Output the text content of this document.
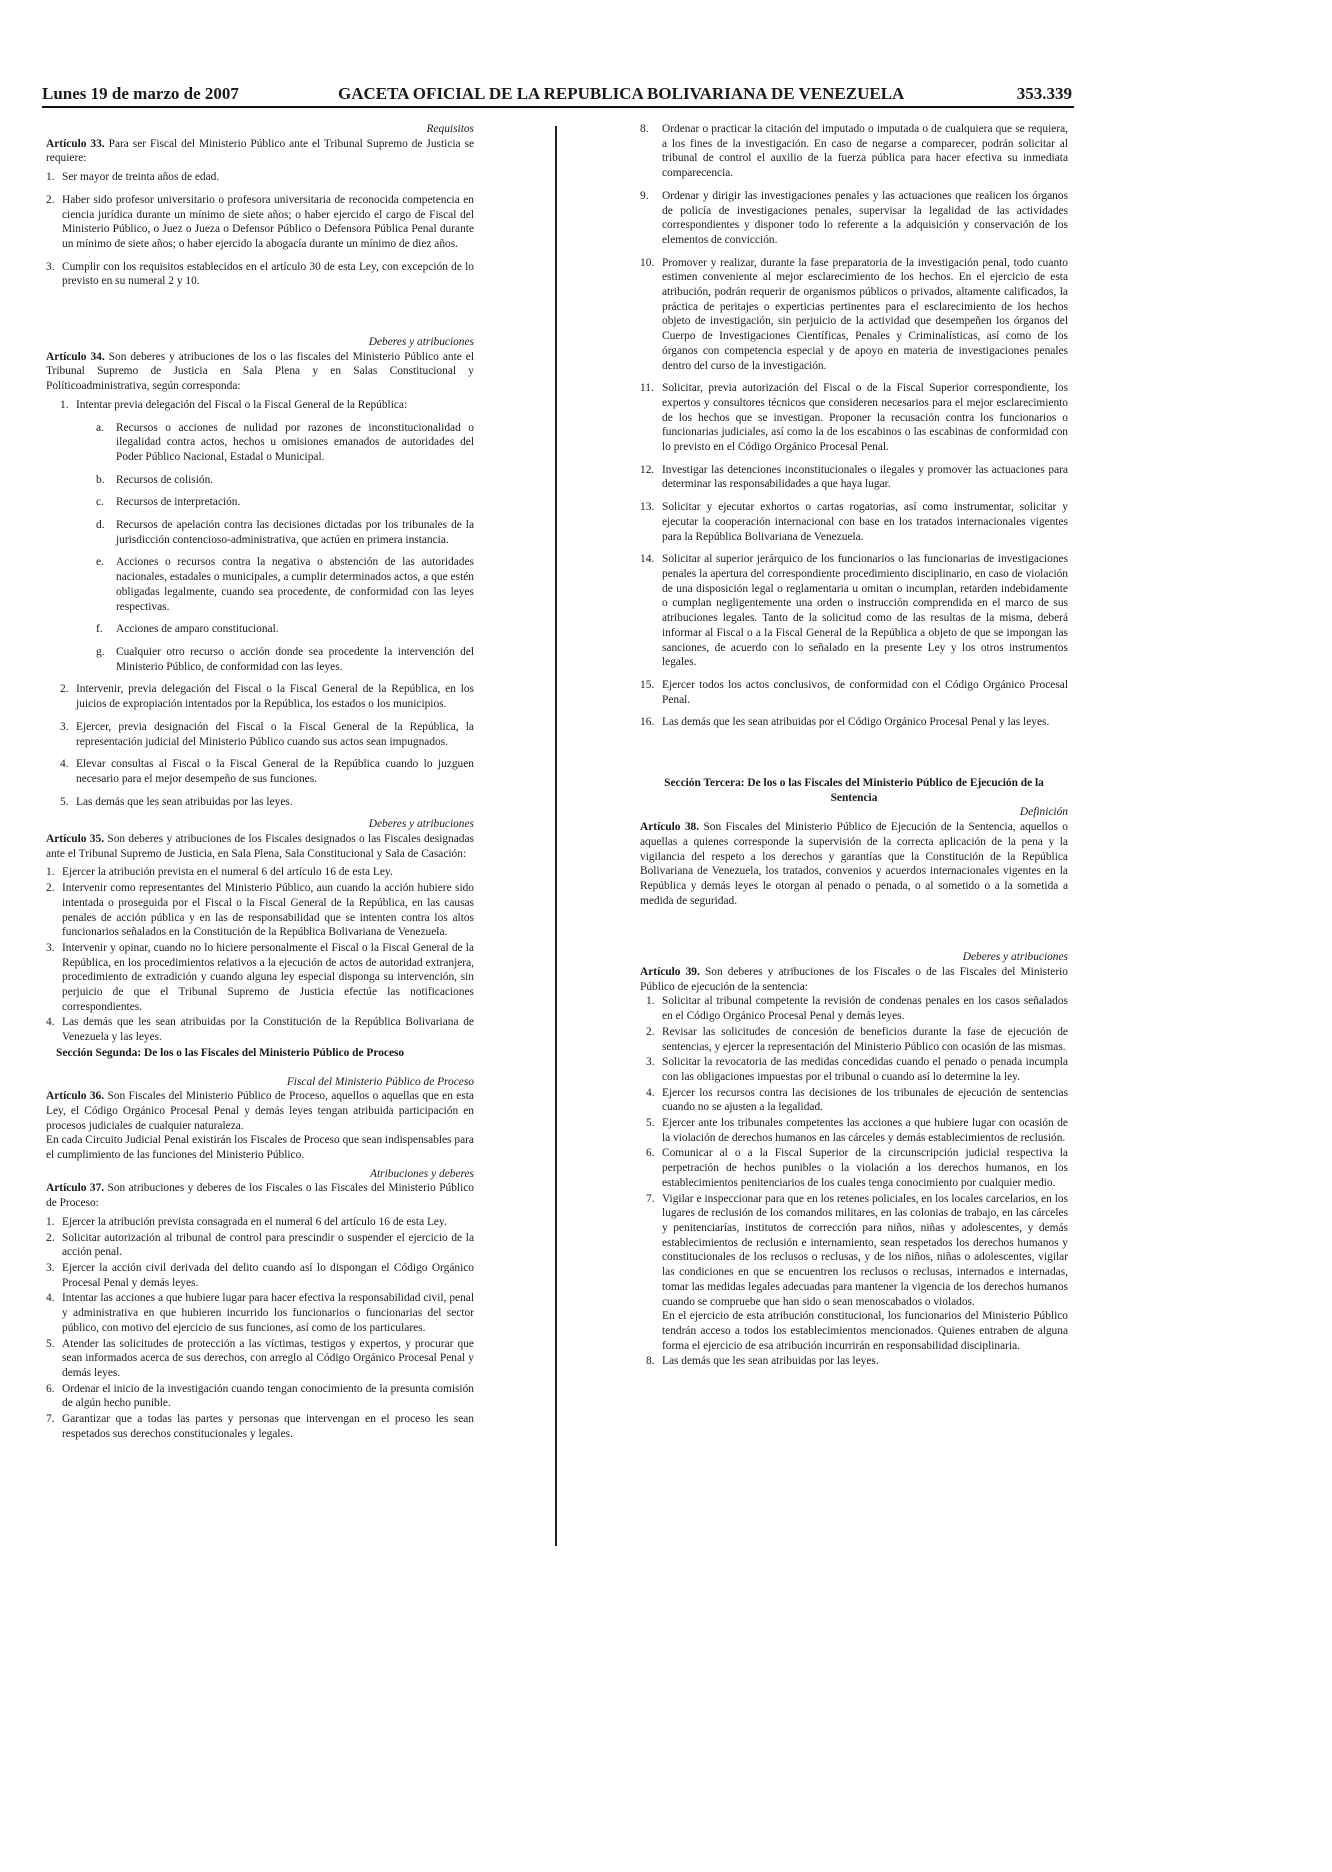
Lunes 19 de marzo de 2007	GACETA OFICIAL DE LA REPUBLICA BOLIVARIANA DE VENEZUELA	353.339

Requisitos

Artículo 33. Para ser Fiscal del Ministerio Público ante el Tribunal Supremo de Justicia se requiere:

1. Ser mayor de treinta años de edad.
2. Haber sido profesor universitario o profesora universitaria de reconocida competencia en ciencia jurídica durante un mínimo de siete años; o haber ejercido el cargo de Fiscal del Ministerio Público, o Juez o Jueza o Defensor Público o Defensora Pública Penal durante un mínimo de siete años; o haber ejercido la abogacía durante un mínimo de diez años.
3. Cumplir con los requisitos establecidos en el artículo 30 de esta Ley, con excepción de lo previsto en su numeral 2 y 10.

Deberes y atribuciones

Artículo 34. Son deberes y atribuciones de los o las fiscales del Ministerio Público ante el Tribunal Supremo de Justicia en Sala Plena y en Salas Constitucional y Políticoadministrativa, según corresponda:

1. Intentar previa delegación del Fiscal o la Fiscal General de la República:
a.	Recursos o acciones de nulidad por razones de inconstitucionalidad o ilegalidad contra actos, hechos u omisiones emanados de autoridades del Poder Público Nacional, Estadal o Municipal.
b.	Recursos de colisión.
c.	Recursos de interpretación.
d.	Recursos de apelación contra las decisiones dictadas por los tribunales de la jurisdicción contencioso-administrativa, que actúen en primera instancia.
e.	Acciones o recursos contra la negativa o abstención de las autoridades nacionales, estadales o municipales, a cumplir determinados actos, a que estén obligadas legalmente, cuando sea procedente, de conformidad con las leyes respectivas.
f.	Acciones de amparo constitucional.
g.	Cualquier otro recurso o acción donde sea procedente la intervención del Ministerio Público, de conformidad con las leyes.
2. Intervenir, previa delegación del Fiscal o la Fiscal General de la República, en los juicios de expropiación intentados por la República, los estados o los municipios.
3. Ejercer, previa designación del Fiscal o la Fiscal General de la República, la representación judicial del Ministerio Público cuando sus actos sean impugnados.
4. Elevar consultas al Fiscal o la Fiscal General de la República cuando lo juzguen necesario para el mejor desempeño de sus funciones.
5. Las demás que les sean atribuidas por las leyes.

Deberes y atribuciones

Artículo 35. Son deberes y atribuciones de los Fiscales designados o las Fiscales designadas ante el Tribunal Supremo de Justicia, en Sala Plena, Sala Constitucional y Sala de Casación:

1. Ejercer la atribución prevista en el numeral 6 del artículo 16 de esta Ley.
2. Intervenir como representantes del Ministerio Público, aun cuando la acción hubiere sido intentada o proseguida por el Fiscal o la Fiscal General de la República, en las causas penales de acción pública y en las de responsabilidad que se intenten contra los altos funcionarios señalados en la Constitución de la República Bolivariana de Venezuela.
3. Intervenir y opinar, cuando no lo hiciere personalmente el Fiscal o la Fiscal General de la República, en los procedimientos relativos a la ejecución de actos de autoridad extranjera, procedimiento de extradición y cuando alguna ley especial disponga su intervención, sin perjuicio de que el Tribunal Supremo de Justicia efectúe las notificaciones correspondientes.
4. Las demás que les sean atribuidas por la Constitución de la República Bolivariana de Venezuela y las leyes.

Sección Segunda: De los o las Fiscales del Ministerio Público de Proceso

Fiscal del Ministerio Público de Proceso

Artículo 36. Son Fiscales del Ministerio Público de Proceso, aquellos o aquellas que en esta Ley, el Código Orgánico Procesal Penal y demás leyes tengan atribuida participación en procesos judiciales de cualquier naturaleza.

En cada Circuito Judicial Penal existirán los Fiscales de Proceso que sean indispensables para el cumplimiento de las funciones del Ministerio Público.

Atribuciones y deberes

Artículo 37. Son atribuciones y deberes de los Fiscales o las Fiscales del Ministerio Público de Proceso:

1. Ejercer la atribución prevista consagrada en el numeral 6 del artículo 16 de esta Ley.
2. Solicitar autorización al tribunal de control para prescindir o suspender el ejercicio de la acción penal.
3. Ejercer la acción civil derivada del delito cuando así lo dispongan el Código Orgánico Procesal Penal y demás leyes.
4. Intentar las acciones a que hubiere lugar para hacer efectiva la responsabilidad civil, penal y administrativa en que hubieren incurrido los funcionarios o funcionarias del sector público, con motivo del ejercicio de sus funciones, así como de los particulares.
5. Atender las solicitudes de protección a las víctimas, testigos y expertos, y procurar que sean informados acerca de sus derechos, con arreglo al Código Orgánico Procesal Penal y demás leyes.
6. Ordenar el inicio de la investigación cuando tengan conocimiento de la presunta comisión de algún hecho punible.
7. Garantizar que a todas las partes y personas que intervengan en el proceso les sean respetados sus derechos constitucionales y legales.
8.	Ordenar o practicar la citación del imputado o imputada o de cualquiera que se requiera, a los fines de la investigación. En caso de negarse a comparecer, podrán solicitar al tribunal de control el auxilio de la fuerza pública para hacer efectiva su inmediata comparecencia.
9.	Ordenar y dirigir las investigaciones penales y las actuaciones que realicen los órganos de policía de investigaciones penales, supervisar la legalidad de las actividades correspondientes y disponer todo lo referente a la adquisición y conservación de los elementos de convicción.
10. Promover y realizar, durante la fase preparatoria de la investigación penal, todo cuanto estimen conveniente al mejor esclarecimiento de los hechos. En el ejercicio de esta atribución, podrán requerir de organismos públicos o privados, altamente calificados, la práctica de peritajes o experticias pertinentes para el esclarecimiento de los hechos objeto de investigación, sin perjuicio de la actividad que desempeñen los órganos del Cuerpo de Investigaciones Científicas, Penales y Criminalísticas, así como de los órganos con competencia especial y de apoyo en materia de investigaciones penales dentro del curso de la investigación.
11. Solicitar, previa autorización del Fiscal o de la Fiscal Superior correspondiente, los expertos y consultores técnicos que consideren necesarios para el mejor esclarecimiento de los hechos que se investigan. Proponer la recusación contra los funcionarios o funcionarias judiciales, así como la de los escabinos o las escabinas de conformidad con lo previsto en el Código Orgánico Procesal Penal.
12. Investigar las detenciones inconstitucionales o ilegales y promover las actuaciones para determinar las responsabilidades a que haya lugar.
13. Solicitar y ejecutar exhortos o cartas rogatorias, así como instrumentar, solicitar y ejecutar la cooperación internacional con base en los tratados internacionales vigentes para la República Bolivariana de Venezuela.
14. Solicitar al superior jerárquico de los funcionarios o las funcionarias de investigaciones penales la apertura del correspondiente procedimiento disciplinario, en caso de violación de una disposición legal o reglamentaria u omitan o incumplan, retarden indebidamente o cumplan negligentemente una orden o instrucción comprendida en el marco de sus atribuciones legales. Tanto de la solicitud como de las resultas de la misma, deberá informar al Fiscal o a la Fiscal General de la República a objeto de que se impongan las sanciones, de acuerdo con lo señalado en la presente Ley y los otros instrumentos legales.
15. Ejercer todos los actos conclusivos, de conformidad con el Código Orgánico Procesal Penal.
16. Las demás que les sean atribuidas por el Código Orgánico Procesal Penal y las leyes.

Sección Tercera: De los o las Fiscales del Ministerio Público de Ejecución de la Sentencia

Definición

Artículo 38. Son Fiscales del Ministerio Público de Ejecución de la Sentencia, aquellos o aquellas a quienes corresponde la supervisión de la correcta aplicación de la pena y la vigilancia del respeto a los derechos y garantías que la Constitución de la República Bolivariana de Venezuela, los tratados, convenios y acuerdos internacionales vigentes en la República y demás leyes le otorgan al penado o penada, o al sometido o a la sometida a medida de seguridad.

Deberes y atribuciones

Artículo 39. Son deberes y atribuciones de los Fiscales o de las Fiscales del Ministerio Público de ejecución de la sentencia:

1. Solicitar al tribunal competente la revisión de condenas penales en los casos señalados en el Código Orgánico Procesal Penal y demás leyes.
2. Revisar las solicitudes de concesión de beneficios durante la fase de ejecución de sentencias, y ejercer la representación del Ministerio Público con ocasión de las mismas.
3. Solicitar la revocatoria de las medidas concedidas cuando el penado o penada incumpla con las obligaciones impuestas por el tribunal o cuando así lo determine la ley.
4. Ejercer los recursos contra las decisiones de los tribunales de ejecución de sentencias cuando no se ajusten a la legalidad.
5. Ejercer ante los tribunales competentes las acciones a que hubiere lugar con ocasión de la violación de derechos humanos en las cárceles y demás establecimientos de reclusión.
6. Comunicar al o a la Fiscal Superior de la circunscripción judicial respectiva la perpetración de hechos punibles o la violación a los derechos humanos, en los establecimientos penitenciarios de los cuales tenga conocimiento por cualquier medio.
7. Vigilar e inspeccionar para que en los retenes policiales, en los locales carcelarios, en los lugares de reclusión de los comandos militares, en las colonias de trabajo, en las cárceles y penitenciarías, institutos de corrección para niños, niñas y adolescentes, y demás establecimientos de reclusión e internamiento, sean respetados los derechos humanos y constitucionales de los reclusos o reclusas, y de los niños, niñas o adolescentes, vigilar las condiciones en que se encuentren los reclusos o reclusas, internados e internadas, tomar las medidas legales adecuadas para mantener la vigencia de los derechos humanos cuando se compruebe que han sido o sean menoscabados o violados.
En el ejercicio de esta atribución constitucional, los funcionarios del Ministerio Público tendrán acceso a todos los establecimientos mencionados. Quienes entraben de alguna forma el ejercicio de esa atribución incurrirán en responsabilidad disciplinaria.
8. Las demás que les sean atribuidas por las leyes.
